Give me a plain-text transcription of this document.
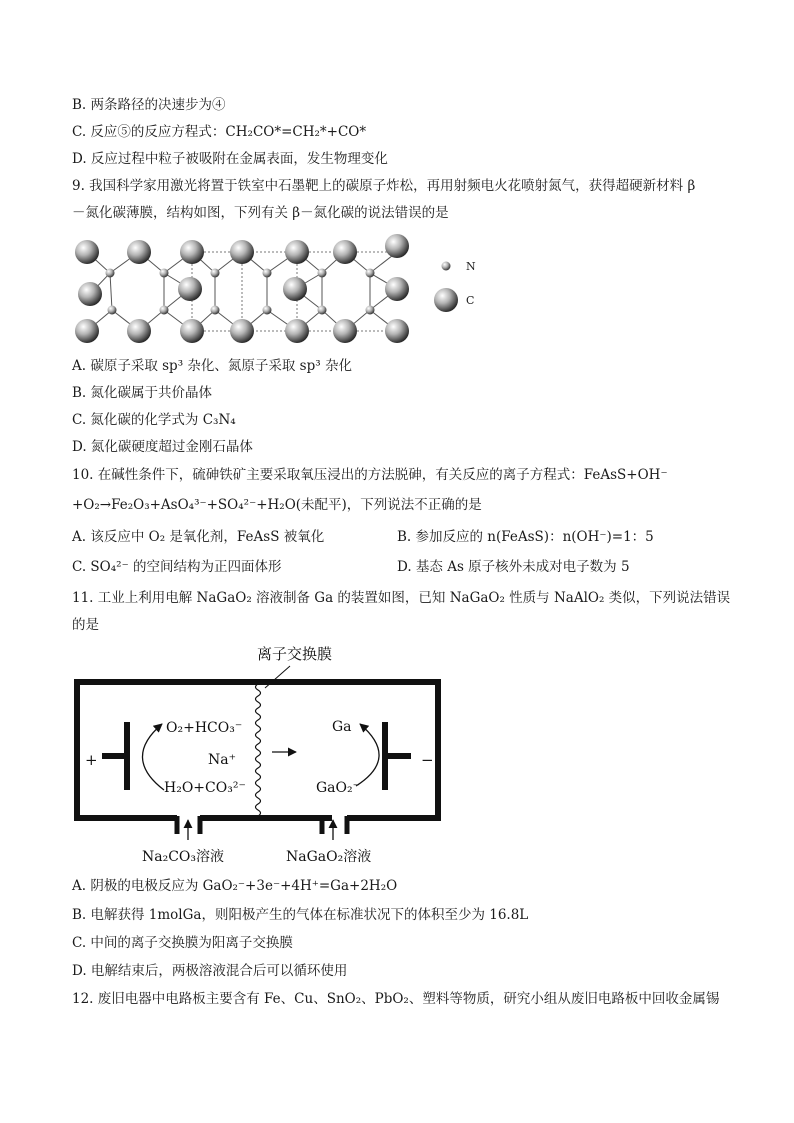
B. 两条路径的决速步为④
C. 反应⑤的反应方程式：CH₂CO*=CH₂*+CO*
D. 反应过程中粒子被吸附在金属表面，发生物理变化
9. 我国科学家用激光将置于铁室中石墨靶上的碳原子炸松，再用射频电火花喷射氮气，获得超硬新材料 β
－氮化碳薄膜，结构如图，下列有关 β－氮化碳的说法错误的是
N
C
A. 碳原子采取 sp³ 杂化、氮原子采取 sp³ 杂化
B. 氮化碳属于共价晶体
C. 氮化碳的化学式为 C₃N₄
D. 氮化碳硬度超过金刚石晶体
10. 在碱性条件下，硫砷铁矿主要采取氧压浸出的方法脱砷，有关反应的离子方程式：FeAsS+OH⁻
+O₂→Fe₂O₃+AsO₄³⁻+SO₄²⁻+H₂O(未配平)，下列说法不正确的是
A. 该反应中 O₂ 是氧化剂，FeAsS 被氧化	B. 参加反应的 n(FeAsS)：n(OH⁻)=1：5
C. SO₄²⁻ 的空间结构为正四面体形	D. 基态 As 原子核外未成对电子数为 5
11. 工业上利用电解 NaGaO₂ 溶液制备 Ga 的装置如图，已知 NaGaO₂ 性质与 NaAlO₂ 类似，下列说法错误
的是
离子交换膜
+	−
O₂+HCO₃⁻
H₂O+CO₃²⁻
Na⁺
Ga
GaO₂⁻
Na₂CO₃溶液	NaGaO₂溶液
A. 阴极的电极反应为 GaO₂⁻+3e⁻+4H⁺=Ga+2H₂O
B. 电解获得 1molGa，则阳极产生的气体在标准状况下的体积至少为 16.8L
C. 中间的离子交换膜为阳离子交换膜
D. 电解结束后，两极溶液混合后可以循环使用
12. 废旧电器中电路板主要含有 Fe、Cu、SnO₂、PbO₂、塑料等物质，研究小组从废旧电路板中回收金属锡
